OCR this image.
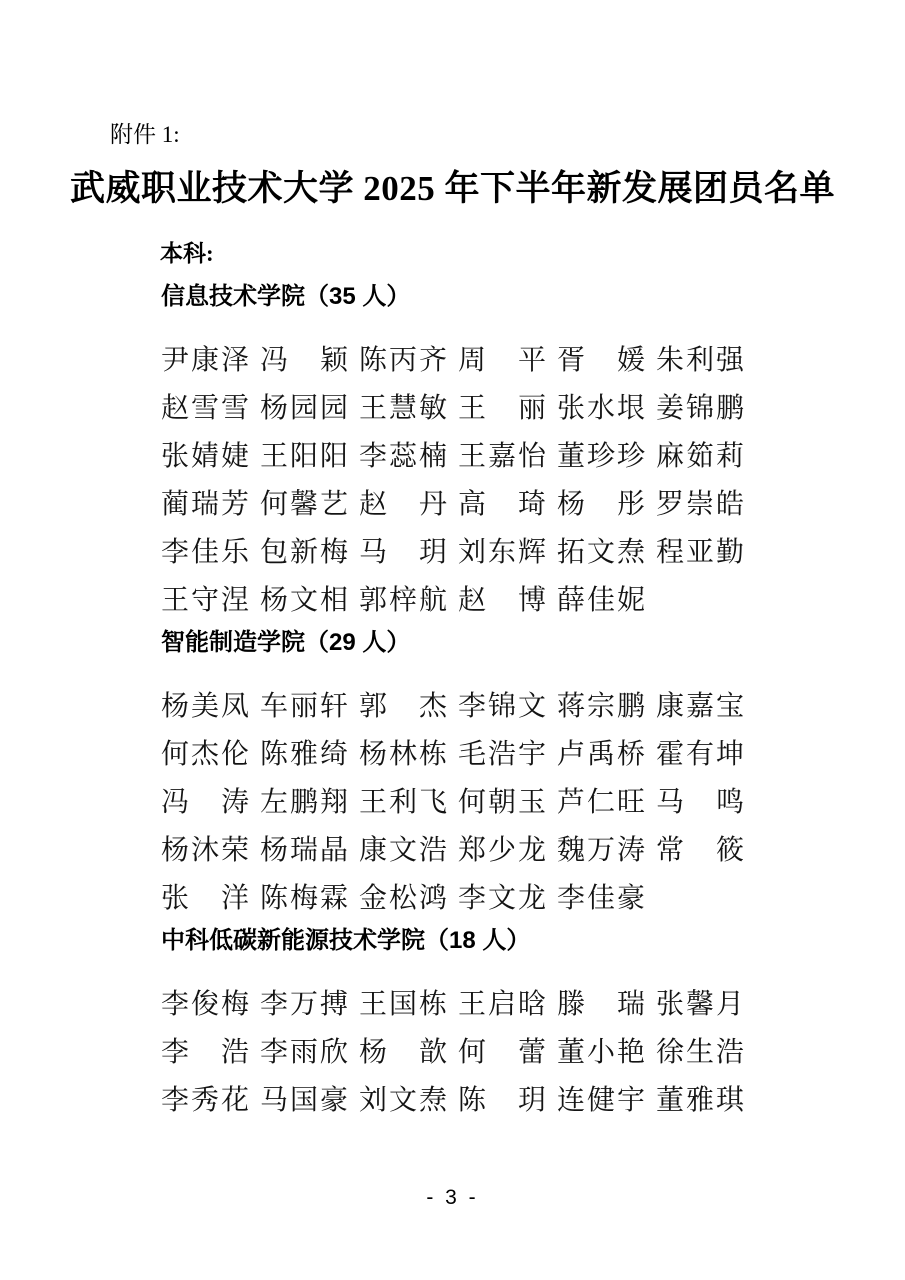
附件 1:
武威职业技术大学 2025 年下半年新发展团员名单
本科:
信息技术学院（35 人）
尹 康 泽 冯 颖 陈 丙 齐 周 平 胥 媛 朱 利 强
赵 雪 雪 杨 园 园 王 慧 敏 王 丽 张 水 垠 姜 锦 鹏
张 婧 婕 王 阳 阳 李 蕊 楠 王 嘉 怡 董 珍 珍 麻 筎 莉
蔺 瑞 芳 何 馨 艺 赵 丹 高 琦 杨 彤 罗 崇 皓
李 佳 乐 包 新 梅 马 玥 刘 东 辉 拓 文 焘 程 亚 勤
王 守 涅 杨 文 相 郭 梓 航 赵 博 薛 佳 妮
智能制造学院（29 人）
杨 美 凤 车 丽 轩 郭 杰 李 锦 文 蒋 宗 鹏 康 嘉 宝
何 杰 伦 陈 雅 绮 杨 林 栋 毛 浩 宇 卢 禹 桥 霍 有 坤
冯 涛 左 鹏 翔 王 利 飞 何 朝 玉 芦 仁 旺 马 鸣
杨 沐 荣 杨 瑞 晶 康 文 浩 郑 少 龙 魏 万 涛 常 筱
张 洋 陈 梅 霖 金 松 鸿 李 文 龙 李 佳 豪
中科低碳新能源技术学院（18 人）
李 俊 梅 李 万 搏 王 国 栋 王 启 晗 滕 瑞 张 馨 月
李 浩 李 雨 欣 杨 歆 何 蕾 董 小 艳 徐 生 浩
李 秀 花 马 国 豪 刘 文 焘 陈 玥 连 健 宇 董 雅 琪
- 3 -
